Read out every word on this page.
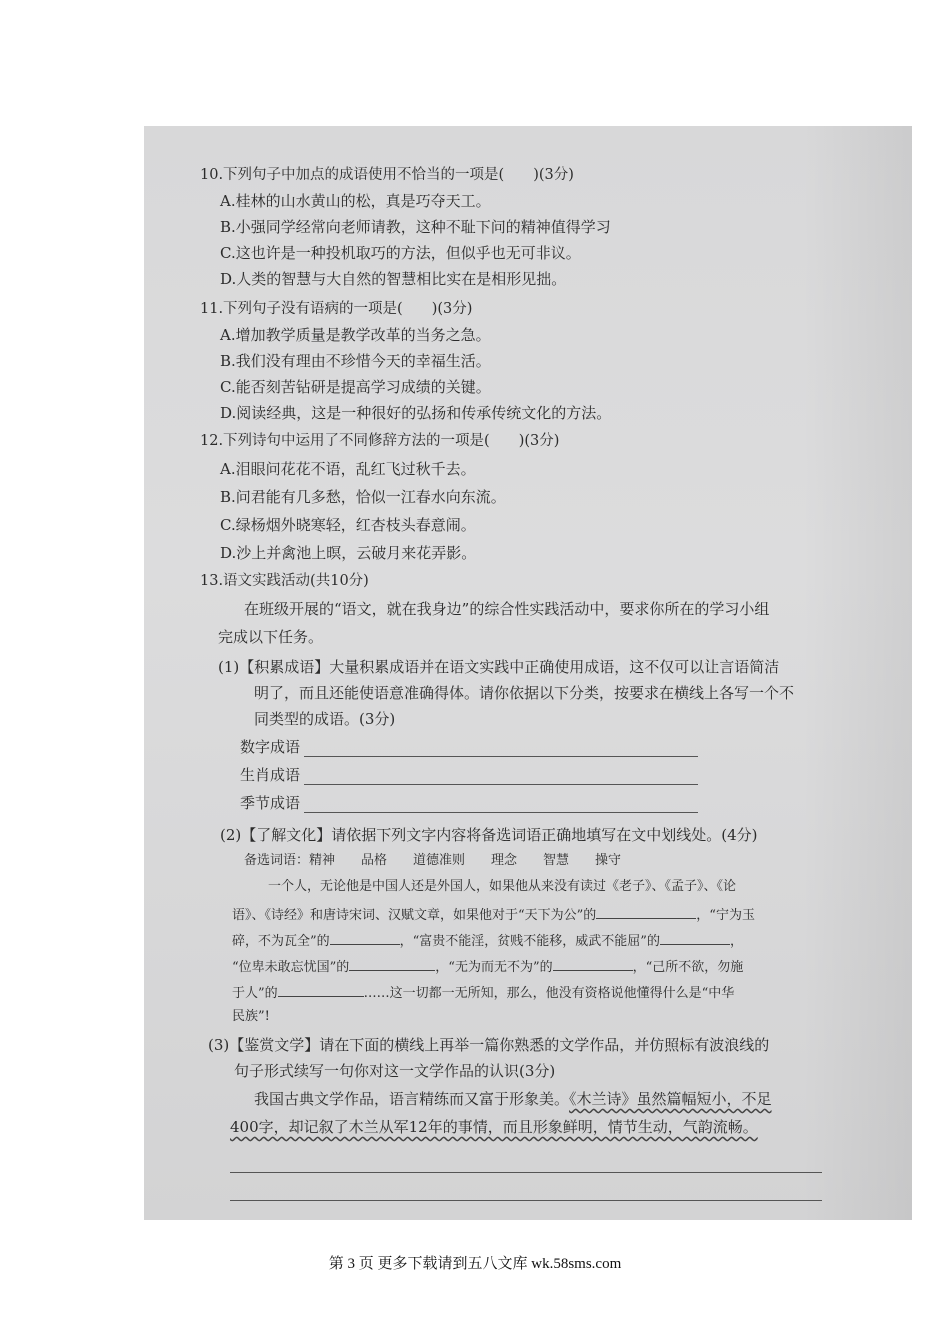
10.下列句子中加点的成语使用不恰当的一项是(　　)(3分)
A.桂林的山水黄山的松，真是巧夺天工。
B.小强同学经常向老师请教，这种不耻下问的精神值得学习
C.这也许是一种投机取巧的方法，但似乎也无可非议。
D.人类的智慧与大自然的智慧相比实在是相形见拙。
11.下列句子没有语病的一项是(　　)(3分)
A.增加教学质量是教学改革的当务之急。
B.我们没有理由不珍惜今天的幸福生活。
C.能否刻苦钻研是提高学习成绩的关键。
D.阅读经典，这是一种很好的弘扬和传承传统文化的方法。
12.下列诗句中运用了不同修辞方法的一项是(　　)(3分)
A.泪眼问花花不语，乱红飞过秋千去。
B.问君能有几多愁，恰似一江春水向东流。
C.绿杨烟外晓寒轻，红杏枝头春意闹。
D.沙上并禽池上暝，云破月来花弄影。
13.语文实践活动(共10分)
在班级开展的“语文，就在我身边”的综合性实践活动中，要求你所在的学习小组
完成以下任务。
(1)【积累成语】大量积累成语并在语文实践中正确使用成语，这不仅可以让言语简洁
明了，而且还能使语意准确得体。请你依据以下分类，按要求在横线上各写一个不
同类型的成语。(3分)
数字成语
生肖成语
季节成语
(2)【了解文化】请依据下列文字内容将备选词语正确地填写在文中划线处。(4分)
备选词语：精神　　品格　　道德准则　　理念　　智慧　　操守
一个人，无论他是中国人还是外国人，如果他从来没有读过《老子》、《孟子》、《论
语》、《诗经》和唐诗宋词、汉赋文章，如果他对于“天下为公”的	，“宁为玉
碎，不为瓦全”的	，“富贵不能淫，贫贱不能移，威武不能屈”的	，
“位卑未敢忘忧国”的	，“无为而无不为”的	，“己所不欲，勿施
于人”的	……这一切都一无所知，那么，他没有资格说他懂得什么是“中华
民族”!
(3)【鉴赏文学】请在下面的横线上再举一篇你熟悉的文学作品，并仿照标有波浪线的
句子形式续写一句你对这一文学作品的认识(3分)
我国古典文学作品，语言精练而又富于形象美。《木兰诗》虽然篇幅短小，不足
400字，却记叙了木兰从军12年的事情，而且形象鲜明，情节生动，气韵流畅。
第 3 页 更多下载请到五八文库 wk.58sms.com
